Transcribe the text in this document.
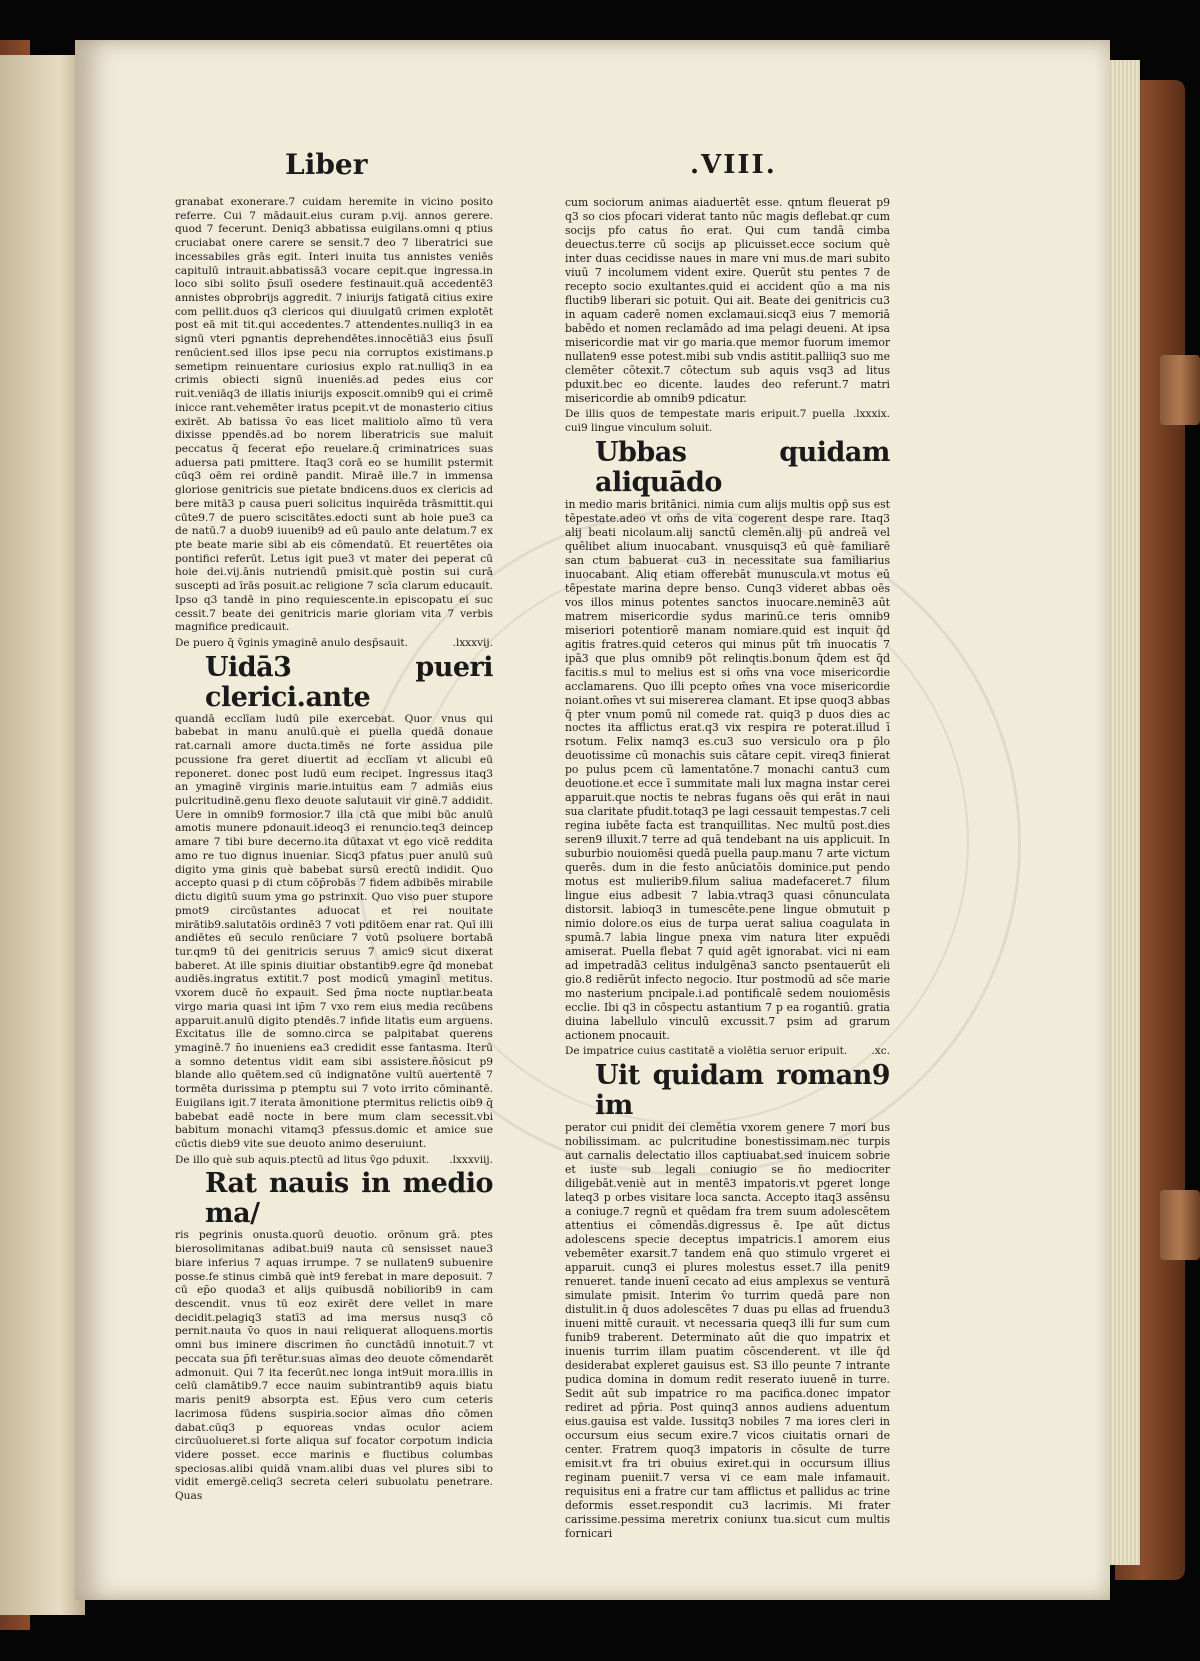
Liber	.VIII.

granabat exonerare.7 cuidam heremite in vicino posito referre. Cui 7 mādauit.eius curam p.vij. annos gerere. quod 7 fecerunt. Deniq3 abbatissa euigilans.omni q ptius cruciabat onere carere se sensit.7 deo 7 liberatrici sue incessabiles grās egit. Interi inuita tus annistes veniēs capitulū intrauit.abbatissā3 vocare cepit.que ingressa.in loco sibi solito p̄sulī osedere festinauit.quā accedentē3 annistes obprobrijs aggredit. 7 iniurijs fatigatā citius exire com pellit.duos q3 clericos qui diuulgatū crimen explotēt post eā mit tit.qui accedentes.7 attendentes.nulliq3 in ea signū vteri pgnantis deprehendētes.innocētiā3 eius p̄sulī renūcient.sed illos ipse pecu nia corruptos existimans.p semetipm reinuentare curiosius explo rat.nulliq3 in ea crimis obiecti signū inueniēs.ad pedes eius cor ruit.veniāq3 de illatis iniurijs exposcit.omnib9 qui ei crimē inicce rant.vehemēter iratus pcepit.vt de monasterio citius exirēt. Ab batissa v̄o eas licet malitiolo aīmo tū vera dixisse ppendēs.ad bo norem liberatricis sue maluit peccatus q̄ fecerat ep̄o reuelare.q̄ criminatrices suas aduersa pati pmittere. Itaq3 corā eo se humilit pstermit cūq3 oēm rei ordinē pandit. Miraē ille.7 in immensa gloriose genitricis sue pietate bndicens.duos ex clericis ad bere mitā3 p causa pueri solicitus inquirēda trāsmittit.qui cūte9.7 de puero sciscitātes.edocti sunt ab hoie pue3 ca de natū.7 a duob9 iuuenib9 ad eū paulo ante delatum.7 ex pte beate marie sibi ab eis cōmendatū. Et reuertētes oia pontifici referūt. Letus igit pue3 vt mater dei peperat cū hoie dei.vij.ānis nutriendū pmisit.què postin sui curā suscepti ad īrās posuit.ac religione 7 scīa clarum educauit. Ipso q3 tandē in pino requiescente.in episcopatu ei suc cessit.7 beate dei genitricis marie gloriam vita 7 verbis magnifice predicauit.

De puero q̄ v̄ginis ymaginē anulo desp̄sauit.	.lxxxvij.
Uidā3 pueri clerici.ante

quandā ecclīam ludū pile exercebat. Quor vnus qui babebat in manu anulū.què ei puella quedā donaue rat.carnali amore ducta.timēs ne forte assidua pile pcussione fra geret diuertit ad ecclīam vt alicubi eū reponeret. donec post ludū eum recipet. Ingressus itaq3 an ymaginē virginis marie.intuitus eam 7 admiās eius pulcritudinē.genu flexo deuote salutauit vir ginē.7 addidit. Uere in omnib9 formosior.7 illa ctā que mibi būc anulū amotis munere pdonauit.ideoq3 ei renuncio.teq3 deincep amare 7 tibi bure decerno.ita dūtaxat vt ego vicē reddita amo re tuo dignus inueniar. Sicq3 pfatus puer anulū suū digito yma ginis què babebat sursū erectū indidit. Quo accepto quasi p di ctum cōp̄robās 7 fidem adbibēs mirabile dictu digitū suum yma go pstrinxit. Quo viso puer stupore pmot9 circūstantes aduocat et rei nouitate mirātib9.salutatōis ordinē3 7 voti pditōem enar rat. Quī illi andiētes eū seculo renūciare 7 votū psoluere bortabā tur.qm9 tū dei genitricis seruus 7 amic9 sicut dixerat baberet. At ille spinis diuitiar obstantib9.egre q̄d monebat audiēs.ingratus extitit.7 post modicū ymaginī metitus. vxorem ducē n̄o expauit. Sed p̄ma nocte nuptiar.beata virgo maria quasi int ip̄m 7 vxo rem eius media recūbens apparuit.anulū digito ptendēs.7 infide litatis eum arguens. Excitatus ille de somno.circa se palpitabat querens ymaginē.7 n̄o inueniens ea3 credidit esse fantasma. Iterū a somno detentus vidit eam sibi assistere.n̄ōsicut p9 blande allo quētem.sed cū indignatōne vultū auertentē 7 tormēta durissima p ptemptu sui 7 voto irrito cōminantē. Euigilans igit.7 iterata āmonitione ptermitus relictis oib9 q̄ babebat eadē nocte in bere mum clam secessit.vbi babitum monachi vitamq3 pfessus.domic et amice sue cūctis dieb9 vite sue deuoto animo deseruiunt.

De illo què sub aquis.ptectū ad litus v̄go pduxit.	.lxxxviij.
Rat nauis in medio ma/

ris pegrinis onusta.quorū deuotio. orōnum grā. ptes bierosolimitanas adibat.bui9 nauta cū sensisset naue3 biare inferius 7 aquas irrumpe. 7 se nullaten9 subuenire posse.fe stinus cimbā què int9 ferebat in mare deposuit. 7 cū ep̄o quoda3 et alijs quibusdā nobiliorib9 in cam descendit. vnus tū eoz exirēt dere vellet in mare decidit.pelagiq3 statī3 ad ima mersus nusq3 cō pernit.nauta v̄o quos in naui reliquerat alloquens.mortis omni bus iminere discrimen n̄o cunctādū innotuit.7 vt peccata sua p̄fi terētur.suas aīmas deo deuote cōmendarēt admonuit. Qui 7 ita fecerūt.nec longa int9uit mora.illis in celū clamātib9.7 ecce nauim subintrantib9 aquis biatu maris penit9 absorpta est. Ep̄us vero cum ceteris lacrimosa fūdens suspiria.socior aīmas dn̄o cōmen dabat.cūq3 p equoreas vndas oculor aciem circūuolueret.si forte aliqua suf focator corpotum indicia videre posset. ecce marinis e fluctibus columbas speciosas.alibi quidā vnam.alibi duas vel plures sibi to vidit emergē.celiq3 secreta celeri subuolatu penetrare. Quas

cum sociorum animas aiaduertēt esse. qntum fleuerat p9 q3 so cios pfocari viderat tanto nūc magis deflebat.qr cum socijs pfo catus n̄o erat. Qui cum tandā cimba deuectus.terre cū socijs ap plicuisset.ecce socium què inter duas cecidisse naues in mare vni mus.de mari subito viuū 7 incolumem vident exire. Querūt stu pentes 7 de recepto socio exultantes.quid ei accident qūo a ma nis fluctib9 liberari sic potuit. Qui ait. Beate dei genitricis cu3 in aquam caderē nomen exclamaui.sicq3 eius 7 memoriā babēdo et nomen reclamādo ad ima pelagi deueni. At ipsa misericordie mat vir go maria.que memor fuorum imemor nullaten9 esse potest.mibi sub vndis astitit.palliiq3 suo me clemēter cōtexit.7 cōtectum sub aquis vsq3 ad litus pduxit.bec eo dicente. laudes deo referunt.7 matri misericordie ab omnib9 pdicatur.

De illis quos de tempestate maris eripuit.7 puella cui9 lingue vinculum soluit.
.lxxxix.
Ubbas quidam aliquādo

in medio maris britānici. nimia cum alijs multis opp̄ sus est tēpestate.adeo vt om̄s de vita cogerent despe rare. Itaq3 alij beati nicolaum.alij sanctū clemēn.alij pū andreā vel quēlibet alium inuocabant. vnusquisq3 eū què familiarē san ctum babuerat cu3 in necessitate sua familiarius inuocabant. Aliq etiam offerebāt munuscula.vt motus eū tēpestate marina depre benso. Cunq3 videret abbas oēs vos illos minus potentes sanctos inuocare.neminē3 aūt matrem misericordie sydus marinū.ce teris omnib9 miseriori potentiorē manam nomiare.quid est inquit q̄d agitis fratres.quid ceteros qui minus pūt tm̄ inuocatis 7 ipā3 que plus omnib9 pōt relinqtis.bonum q̄dem est q̄d facitis.s mul to melius est si om̄s vna voce misericordie acclamarens. Quo illi pcepto om̄es vna voce misericordie noiant.om̄es vt sui misererea clamant. Et ipse quoq3 abbas q̄ pter vnum pomū nil comede rat. quiq3 p duos dies ac noctes ita afflictus erat.q3 vix respira re poterat.illud ī rsotum. Felix namq3 es.cu3 suo versiculo ora p p̄lo deuotissime cū monachis suis cātare cepit. vireq3 finierat po pulus pcem cū lamentatōne.7 monachi cantu3 cum deuotione.et ecce ī summitate mali lux magna instar cerei apparuit.que noctis te nebras fugans oēs qui erāt in naui sua claritate pfudit.totaq3 pe lagi cessauit tempestas.7 celi regina iubēte facta est tranquillitas. Nec multū post.dies seren9 illuxit.7 terre ad quā tendebant na uis applicuit. In suburbio nouiomēsi quedā puella paup.manu 7 arte victum querēs. dum in die festo anūciatōis dominice.put pendo motus est mulierib9.filum saliua madefaceret.7 filum lingue eius adbesit 7 labia.vtraq3 quasi cōnunculata distorsit. labioq3 in tumescēte.pene lingue obmutuit p nimio dolore.os eius de turpa uerat saliua coagulata in spumā.7 labia lingue pnexa vim natura liter expuēdi amiserat. Puella flebat 7 quid agēt ignorabat. vici ni eam ad impetradā3 celitus indulgēna3 sancto psentauerūt eli gio.8 rediērūt infecto negocio. Itur postmodū ad sc̄e marie mo nasterium pncipale.i.ad pontificalē sedem nouiomēsis ecclie. Ibi q3 in cōspectu astantium 7 p ea rogantiū. gratia diuina labellulo vinculū excussit.7 psim ad grarum actionem pnocauit.

De impatrice cuius castitatē a violētia seruor eripuit.	.xc.
Uit quidam roman9 im

perator cui pnidit dei clemētia vxorem genere 7 mori bus nobilissimam. ac pulcritudine bonestissimam.nec turpis aut carnalis delectatio illos captiuabat.sed inuicem sobrie et iuste sub legali coniugio se n̄o mediocriter diligebāt.veniè aut in mentē3 impatoris.vt pgeret longe lateq3 p orbes visitare loca sancta. Accepto itaq3 assēnsu a coniuge.7 regnū et quēdam fra trem suum adolescētem attentius ei cōmendās.digressus ē. Ipe aūt dictus adolescens specie deceptus impatricis.1 amorem eius vebemēter exarsit.7 tandem enā quo stimulo vrgeret ei apparuit. cunq3 ei plures molestus esset.7 illa penit9 renueret. tande inuenī cecato ad eius amplexus se venturā simulate pmisit. Interim v̄o turrim quedā pare non distulit.in q̄ duos adolescētes 7 duas pu ellas ad fruendu3 inueni mittē curauit. vt necessaria queq3 illi fur sum cum funib9 traberent. Determinato aūt die quo impatrix et inuenis turrim illam puatim cōscenderent. vt ille q̄d desiderabat expleret gauisus est. S3 illo peunte 7 intrante pudica domina in domum redit reserato iuuenē in turre. Sedit aūt sub impatrice ro ma pacifica.donec impator rediret ad pp̄ria. Post quinq3 annos audiens aduentum eius.gauisa est valde. Iussitq3 nobiles 7 ma iores cleri in occursum eius secum exire.7 vicos ciuitatis ornari de center. Fratrem quoq3 impatoris in cōsulte de turre emisit.vt fra tri obuius exiret.qui in occursum illius reginam pueniit.7 versa vi ce eam male infamauit. requisitus eni a fratre cur tam afflictus et pallidus ac trine deformis esset.respondit cu3 lacrimis. Mi frater carissime.pessima meretrix coniunx tua.sicut cum multis fornicari
